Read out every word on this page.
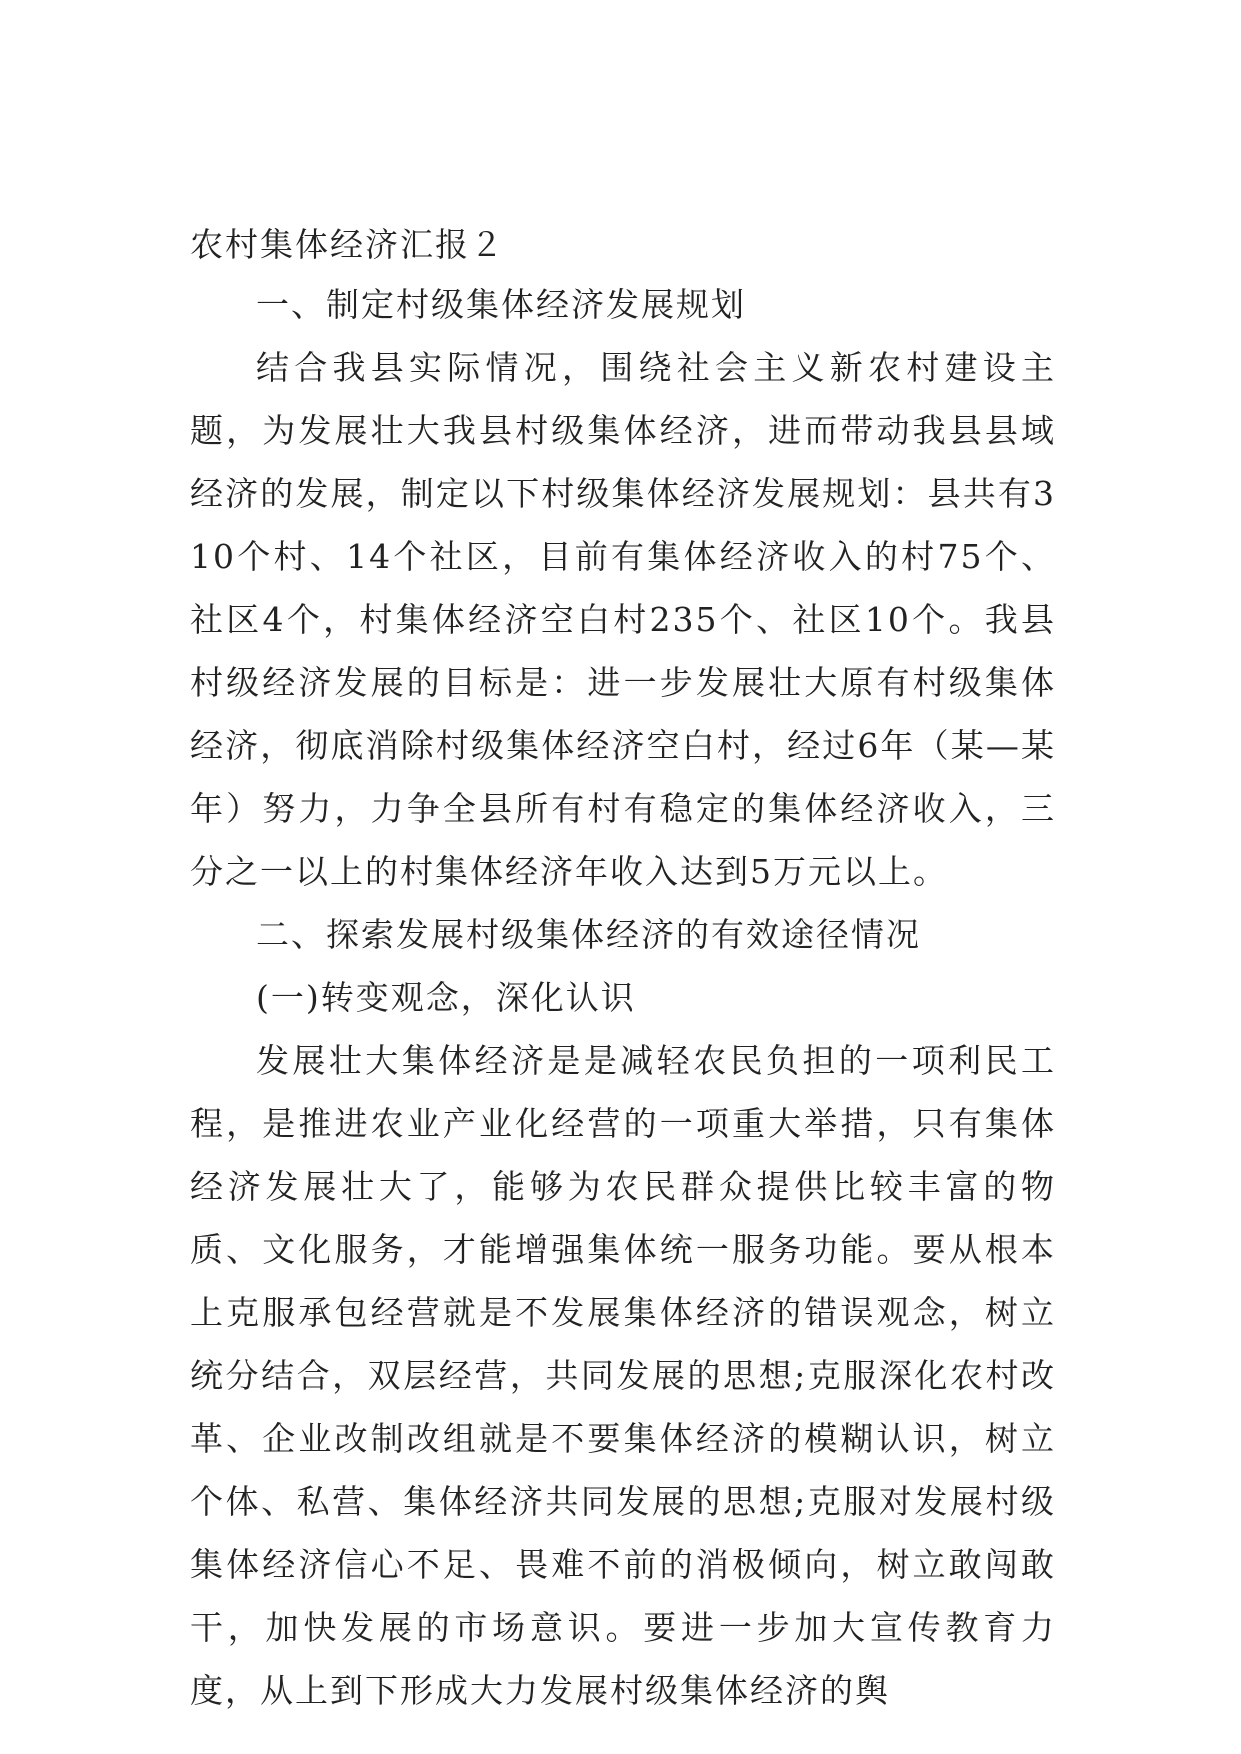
农村集体经济汇报２

一、制定村级集体经济发展规划

结合我县实际情况，围绕社会主义新农村建设主题，为发展壮大我县村级集体经济，进而带动我县县域经济的发展，制定以下村级集体经济发展规划：县共有310个村、14个社区，目前有集体经济收入的村75个、社区4个，村集体经济空白村235个、社区10个。我县村级经济发展的目标是：进一步发展壮大原有村级集体经济，彻底消除村级集体经济空白村，经过6年（某—某年）努力，力争全县所有村有稳定的集体经济收入，三分之一以上的村集体经济年收入达到5万元以上。

二、探索发展村级集体经济的有效途径情况

(一)转变观念，深化认识

发展壮大集体经济是是减轻农民负担的一项利民工程，是推进农业产业化经营的一项重大举措，只有集体经济发展壮大了，能够为农民群众提供比较丰富的物质、文化服务，才能增强集体统一服务功能。要从根本上克服承包经营就是不发展集体经济的错误观念，树立统分结合，双层经营，共同发展的思想;克服深化农村改革、企业改制改组就是不要集体经济的模糊认识，树立个体、私营、集体经济共同发展的思想;克服对发展村级集体经济信心不足、畏难不前的消极倾向，树立敢闯敢干，加快发展的市场意识。要进一步加大宣传教育力度，从上到下形成大力发展村级集体经济的舆
